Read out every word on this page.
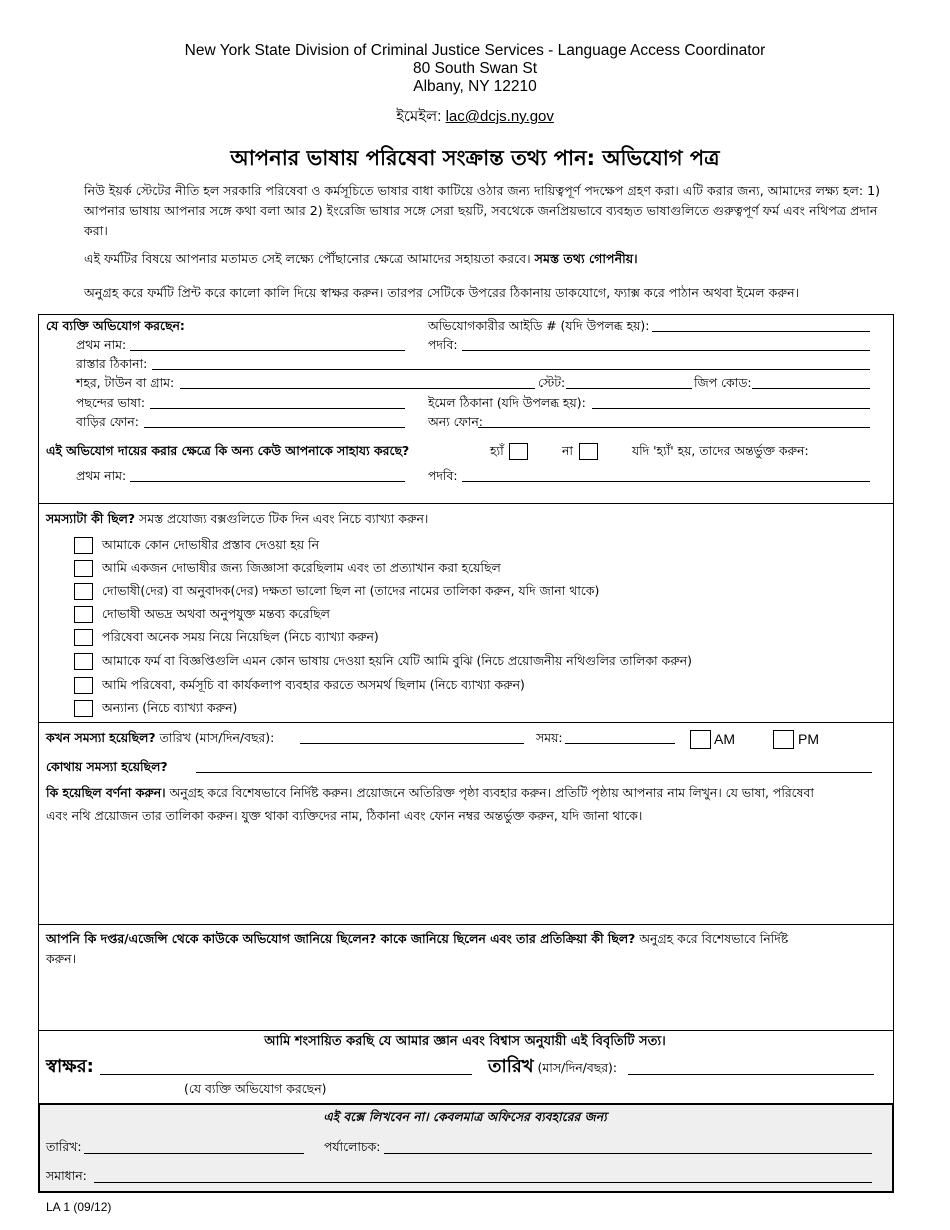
New York State Division of Criminal Justice Services - Language Access Coordinator
80 South Swan St
Albany, NY 12210
ইমেইল: lac@dcjs.ny.gov
আপনার ভাষায় পরিষেবা সংক্রান্ত তথ্য পান: অভিযোগ পত্র
নিউ ইয়র্ক স্টেটের নীতি হল সরকারি পরিষেবা ও কর্মসূচিতে ভাষার বাধা কাটিয়ে ওঠার জন্য দায়িত্বপূর্ণ পদক্ষেপ গ্রহণ করা। এটি করার জন্য, আমাদের লক্ষ্য হল: 1) আপনার ভাষায় আপনার সঙ্গে কথা বলা আর 2) ইংরেজি ভাষার সঙ্গে সেরা ছয়টি, সবথেকে জনপ্রিয়ভাবে ব্যবহৃত ভাষাগুলিতে গুরুত্বপূর্ণ ফর্ম এবং নথিপত্র প্রদান করা।
এই ফর্মটির বিষয়ে আপনার মতামত সেই লক্ষ্যে পৌঁছানোর ক্ষেত্রে আমাদের সহায়তা করবে। সমস্ত তথ্য গোপনীয়।
অনুগ্রহ করে ফর্মটি প্রিন্ট করে কালো কালি দিয়ে স্বাক্ষর করুন। তারপর সেটিকে উপরের ঠিকানায় ডাকযোগে, ফ্যাক্স করে পাঠান অথবা ইমেল করুন।
যে ব্যক্তি অভিযোগ করছেন:	অভিযোগকারীর আইডি # (যদি উপলব্ধ হয়):
প্রথম নাম:	পদবি:
রাস্তার ঠিকানা:
শহর, টাউন বা গ্রাম:	স্টেট:	জিপ কোড:
পছন্দের ভাষা:	ইমেল ঠিকানা (যদি উপলব্ধ হয়):
বাড়ির ফোন:	অন্য ফোন:
এই অভিযোগ দায়ের করার ক্ষেত্রে কি অন্য কেউ আপনাকে সাহায্য করছে?	হ্যাঁ	না	যদি 'হ্যাঁ' হয়, তাদের অন্তর্ভুক্ত করুন:
প্রথম নাম:	পদবি:
সমস্যাটা কী ছিল? সমস্ত প্রযোজ্য বক্সগুলিতে টিক দিন এবং নিচে ব্যাখ্যা করুন।
আমাকে কোন দোভাষীর প্রস্তাব দেওয়া হয় নি
আমি একজন দোভাষীর জন্য জিজ্ঞাসা করেছিলাম এবং তা প্রত্যাখান করা হয়েছিল
দোভাষী(দের) বা অনুবাদক(দের) দক্ষতা ভালো ছিল না (তাদের নামের তালিকা করুন, যদি জানা থাকে)
দোভাষী অভদ্র অথবা অনুপযুক্ত মন্তব্য করেছিল
পরিষেবা অনেক সময় নিয়ে নিয়েছিল (নিচে ব্যাখ্যা করুন)
আমাকে ফর্ম বা বিজ্ঞপ্তিগুলি এমন কোন ভাষায় দেওয়া হয়নি যেটি আমি বুঝি (নিচে প্রয়োজনীয় নথিগুলির তালিকা করুন)
আমি পরিষেবা, কর্মসূচি বা কার্যকলাপ ব্যবহার করতে অসমর্থ ছিলাম (নিচে ব্যাখ্যা করুন)
অন্যান্য (নিচে ব্যাখ্যা করুন)
কখন সমস্যা হয়েছিল? তারিখ (মাস/দিন/বছর):	সময়:	AM	PM
কোথায় সমস্যা হয়েছিল?
কি হয়েছিল বর্ণনা করুন। অনুগ্রহ করে বিশেষভাবে নির্দিষ্ট করুন। প্রয়োজনে অতিরিক্ত পৃষ্ঠা ব্যবহার করুন। প্রতিটি পৃষ্ঠায় আপনার নাম লিখুন। যে ভাষা, পরিষেবা
এবং নথি প্রয়োজন তার তালিকা করুন। যুক্ত থাকা ব্যক্তিদের নাম, ঠিকানা এবং ফোন নম্বর অন্তর্ভুক্ত করুন, যদি জানা থাকে।
আপনি কি দপ্তর/এজেন্সি থেকে কাউকে অভিযোগ জানিয়ে ছিলেন? কাকে জানিয়ে ছিলেন এবং তার প্রতিক্রিয়া কী ছিল? অনুগ্রহ করে বিশেষভাবে নির্দিষ্ট
করুন।
আমি শংসায়িত করছি যে আমার জ্ঞান এবং বিশ্বাস অনুযায়ী এই বিবৃতিটি সত্য।
স্বাক্ষর:	তারিখ (মাস/দিন/বছর):
(যে ব্যক্তি অভিযোগ করছেন)
এই বক্সে লিখবেন না। কেবলমাত্র অফিসের ব্যবহারের জন্য
তারিখ:	পর্যালোচক:
সমাধান:
LA 1 (09/12)
